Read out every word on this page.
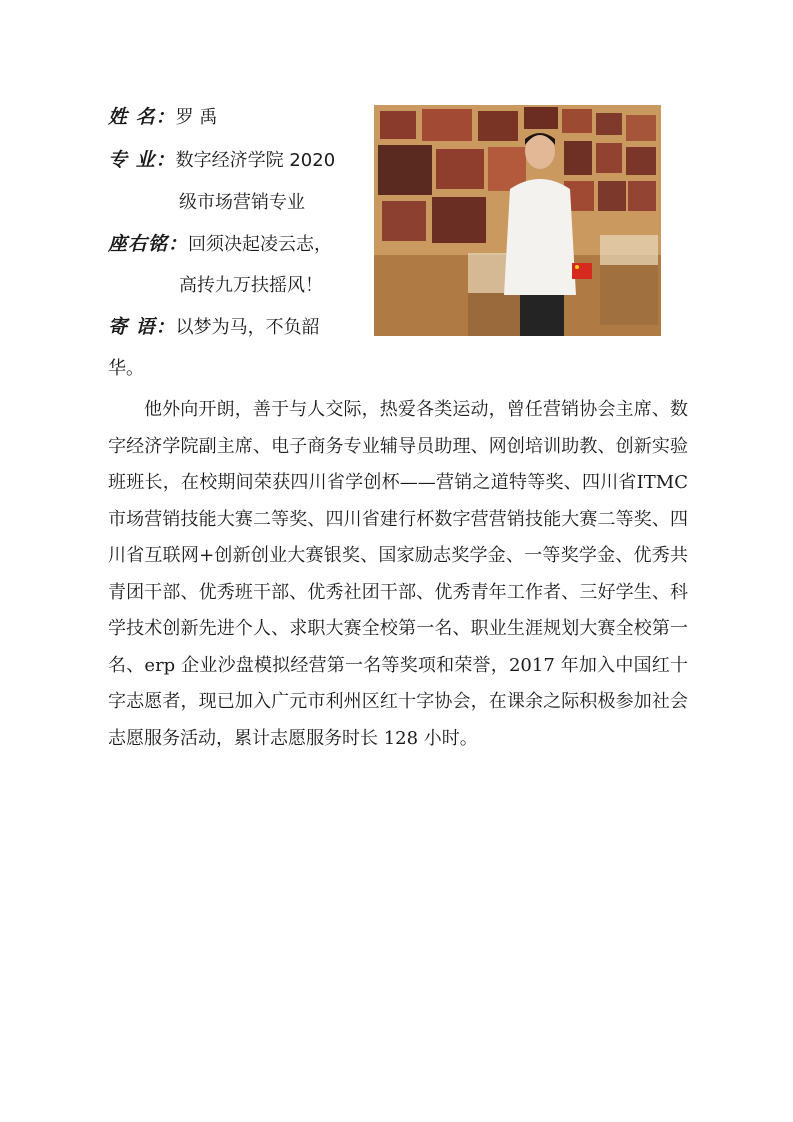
姓 名：罗 禹
专 业：数字经济学院 2020
级市场营销专业
座右铭：回须决起凌云志，
高抟九万扶摇风！
寄 语：以梦为马，不负韶
华。

他外向开朗，善于与人交际，热爱各类运动，曾任营销协会主席、数字经济学院副主席、电子商务专业辅导员助理、网创培训助教、创新实验班班长，在校期间荣获四川省学创杯——营销之道特等奖、四川省ITMC 市场营销技能大赛二等奖、四川省建行杯数字营营销技能大赛二等奖、四川省互联网+创新创业大赛银奖、国家励志奖学金、一等奖学金、优秀共青团干部、优秀班干部、优秀社团干部、优秀青年工作者、三好学生、科学技术创新先进个人、求职大赛全校第一名、职业生涯规划大赛全校第一名、erp 企业沙盘模拟经营第一名等奖项和荣誉，2017 年加入中国红十字志愿者，现已加入广元市利州区红十字协会，在课余之际积极参加社会志愿服务活动，累计志愿服务时长 128 小时。
